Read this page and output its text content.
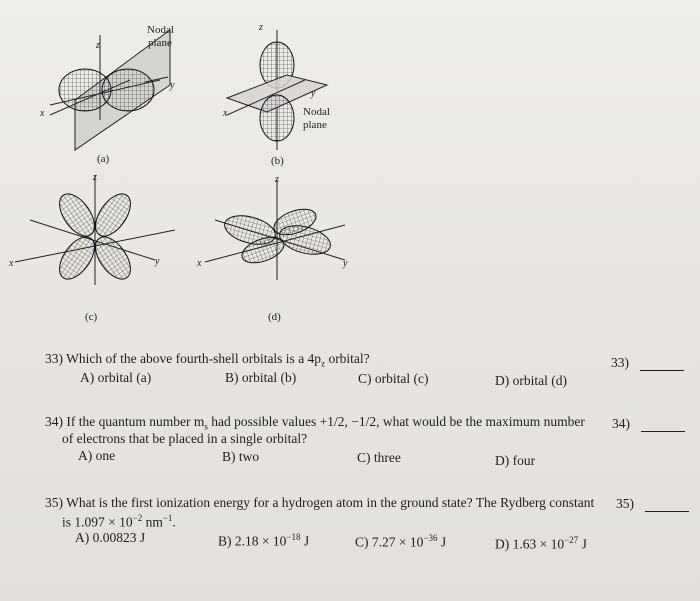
Nodal
plane
z
y
x
(a)
z
y
x	Nodal
plane
(b)
z
y
x
(c)
z
y
x
(d)
33) Which of the above fourth-shell orbitals is a $4p_z$ orbital?	33)
A) orbital (a)	B) orbital (b)	C) orbital (c)	D) orbital (d)
34) If the quantum number $m_s$ had possible values +1/2, −1/2, what would be the maximum number
of electrons that be placed in a single orbital?
34)
A) one	B) two	C) three	D) four
35) What is the first ionization energy for a hydrogen atom in the ground state? The Rydberg constant
is $1.097 \times 10^{-2}$ $nm^{-1}$.
35)
A) 0.00823 J	B) $2.18 \times 10^{-18}$ J	C) $7.27 \times 10^{-36}$ J	D) $1.63 \times 10^{-27}$ J
